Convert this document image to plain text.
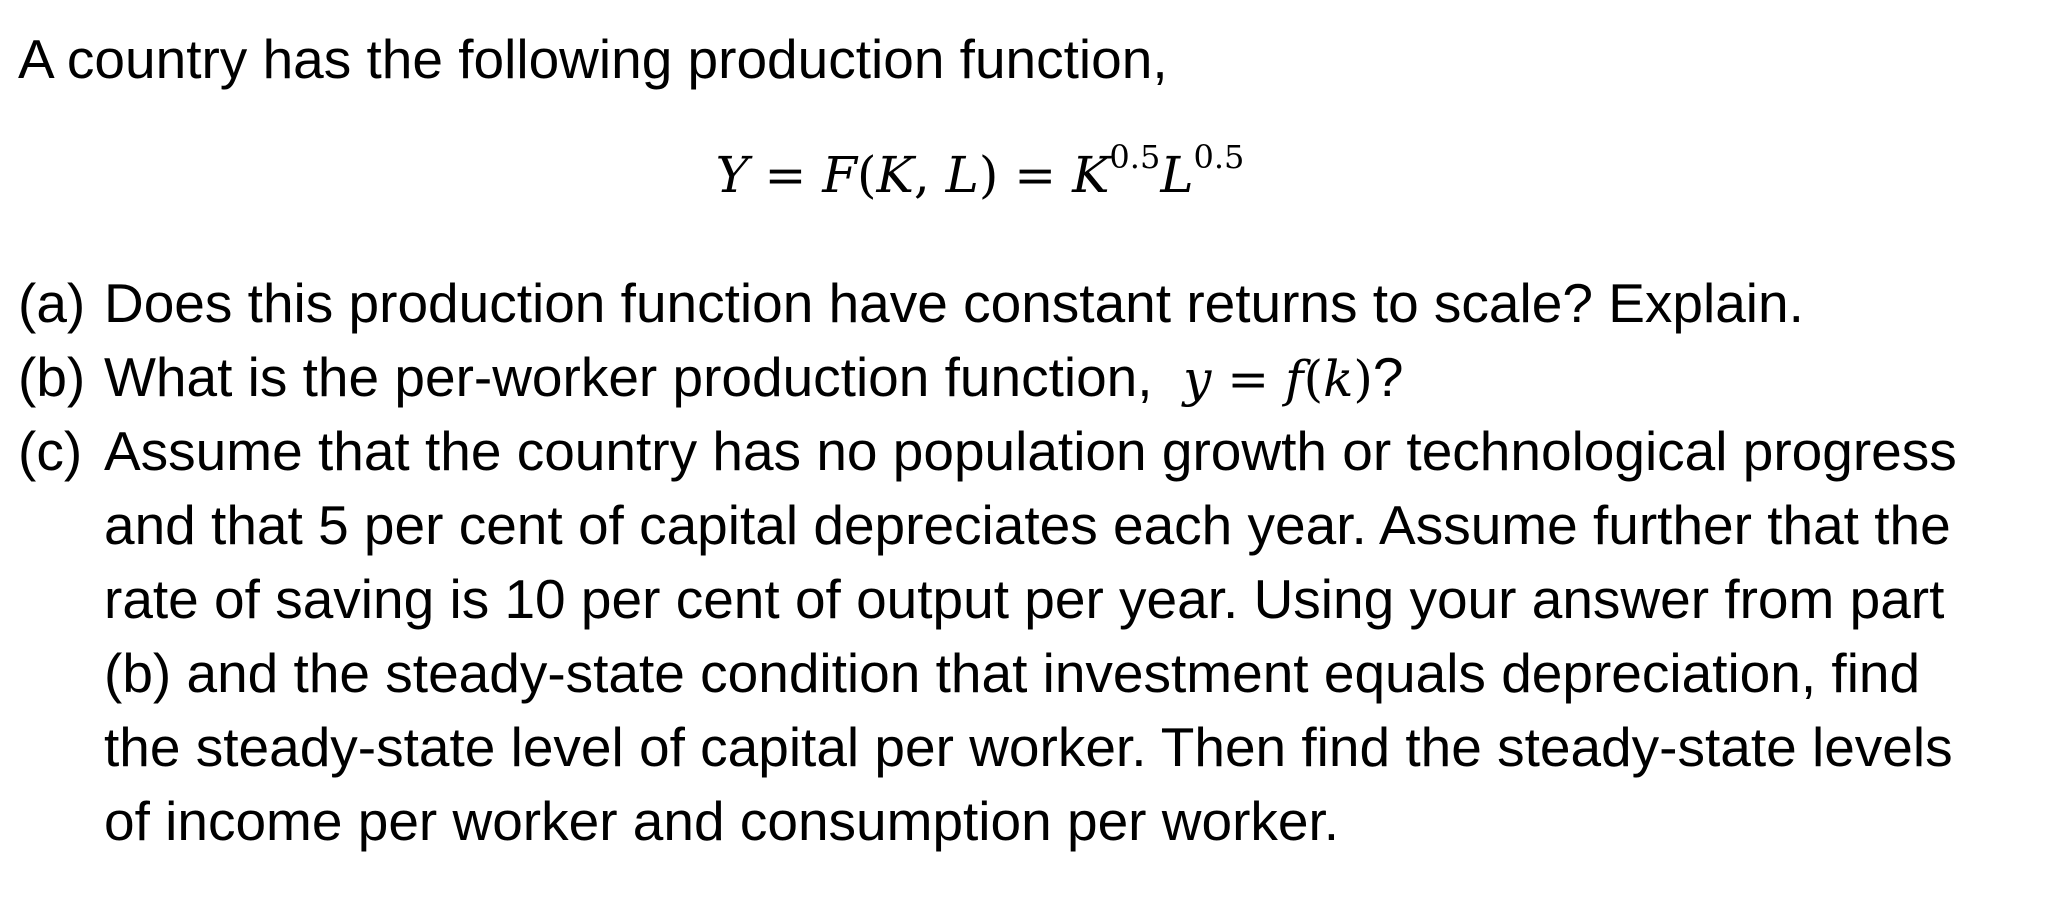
A country has the following production function,
Y = F(K, $L) = K^{0.5}L^{0.5}$
(a) Does this production function have constant returns to scale? Explain.
(b) What is the per-worker production function, y = f(k)?
(c) Assume that the country has no population growth or technological progress
and that 5 per cent of capital depreciates each year. Assume further that the
rate of saving is 10 per cent of output per year. Using your answer from part
(b) and the steady-state condition that investment equals depreciation, find
the steady-state level of capital per worker. Then find the steady-state levels
of income per worker and consumption per worker.
